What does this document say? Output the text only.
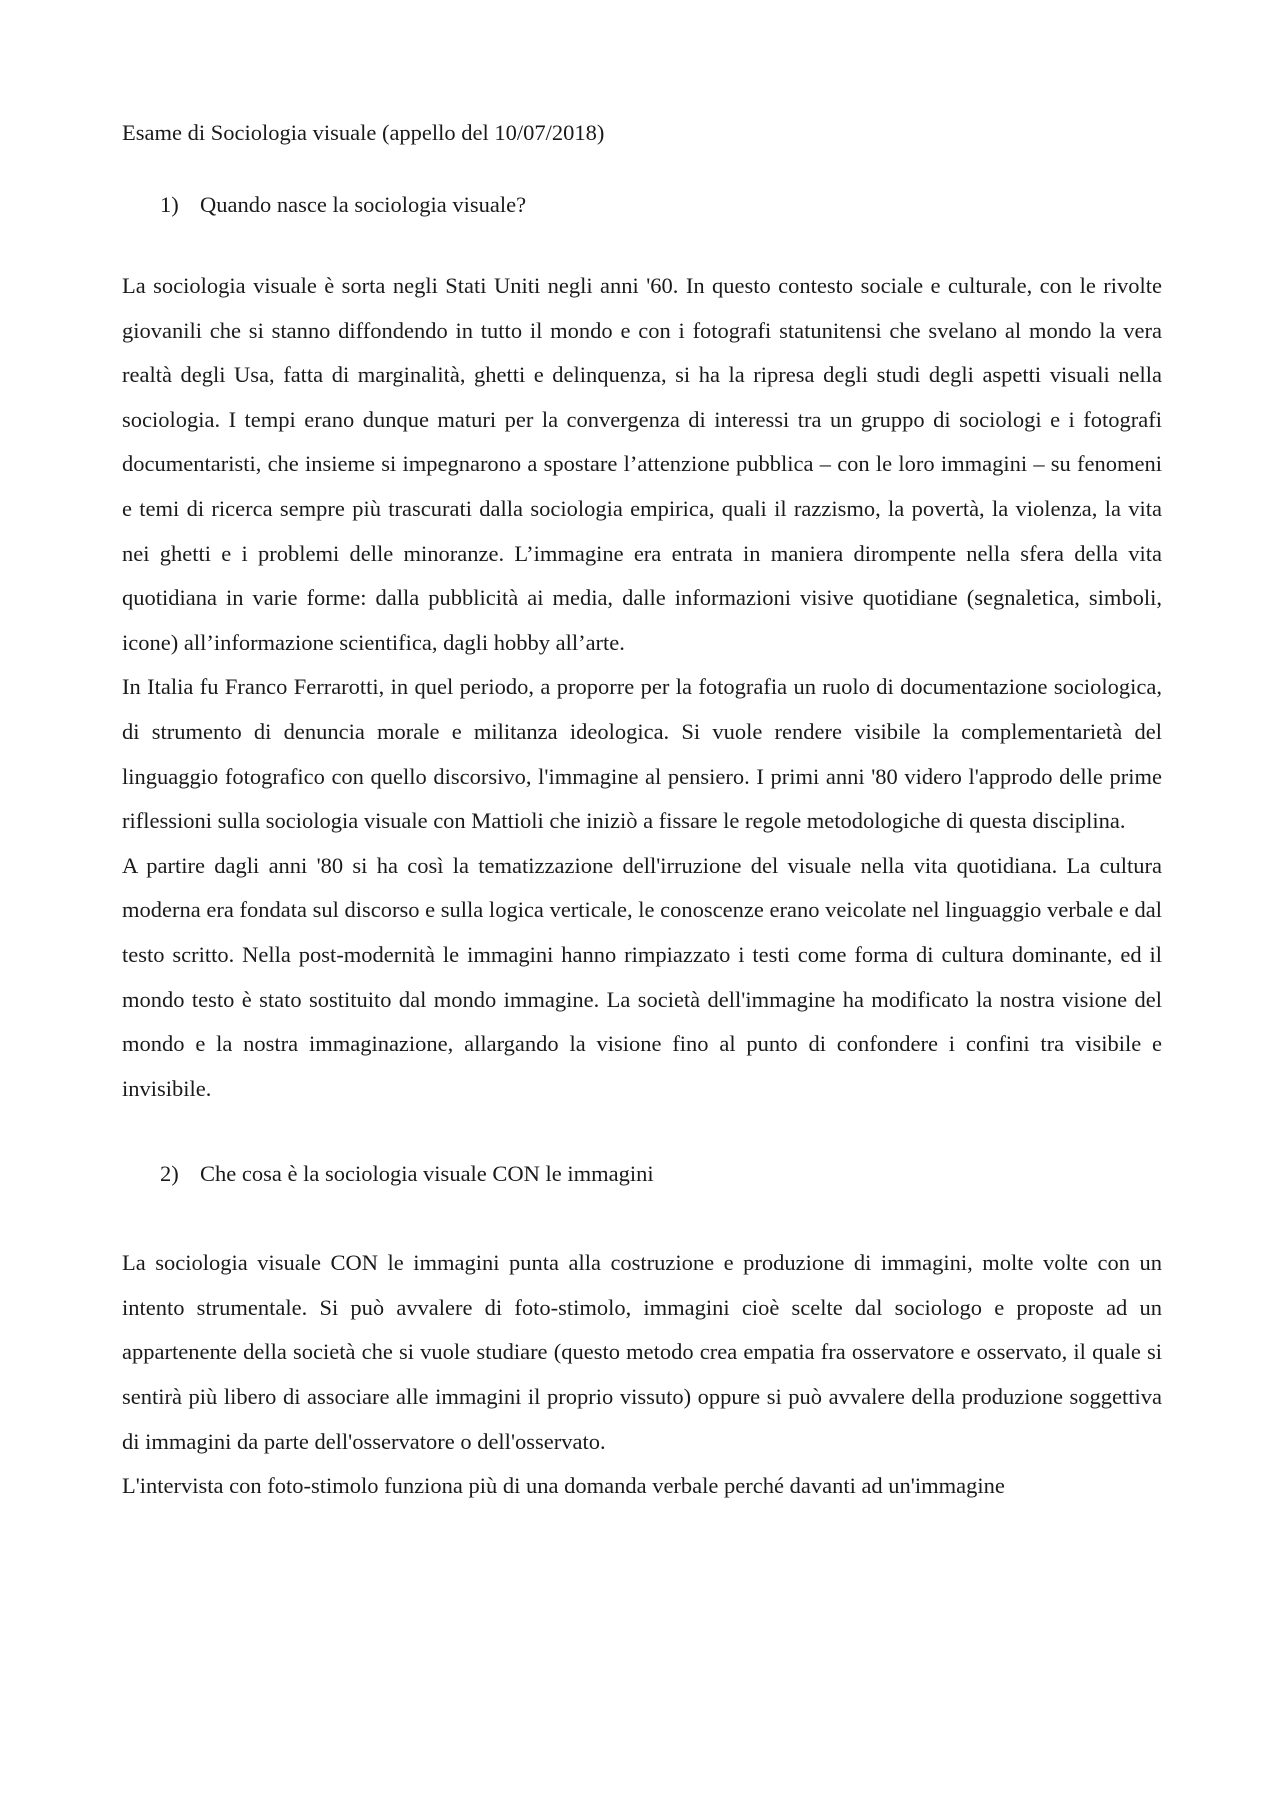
Esame di Sociologia visuale (appello del 10/07/2018)

1) Quando nasce la sociologia visuale?

La sociologia visuale è sorta negli Stati Uniti negli anni '60. In questo contesto sociale e culturale, con le rivolte giovanili che si stanno diffondendo in tutto il mondo e con i fotografi statunitensi che svelano al mondo la vera realtà degli Usa, fatta di marginalità, ghetti e delinquenza, si ha la ripresa degli studi degli aspetti visuali nella sociologia. I tempi erano dunque maturi per la convergenza di interessi tra un gruppo di sociologi e i fotografi documentaristi, che insieme si impegnarono a spostare l’attenzione pubblica – con le loro immagini – su fenomeni e temi di ricerca sempre più trascurati dalla sociologia empirica, quali il razzismo, la povertà, la violenza, la vita nei ghetti e i problemi delle minoranze. L’immagine era entrata in maniera dirompente nella sfera della vita quotidiana in varie forme: dalla pubblicità ai media, dalle informazioni visive quotidiane (segnaletica, simboli, icone) all’informazione scientifica, dagli hobby all’arte.

In Italia fu Franco Ferrarotti, in quel periodo, a proporre per la fotografia un ruolo di documentazione sociologica, di strumento di denuncia morale e militanza ideologica. Si vuole rendere visibile la complementarietà del linguaggio fotografico con quello discorsivo, l'immagine al pensiero. I primi anni '80 videro l'approdo delle prime riflessioni sulla sociologia visuale con Mattioli che iniziò a fissare le regole metodologiche di questa disciplina.

A partire dagli anni '80 si ha così la tematizzazione dell'irruzione del visuale nella vita quotidiana. La cultura moderna era fondata sul discorso e sulla logica verticale, le conoscenze erano veicolate nel linguaggio verbale e dal testo scritto. Nella post-modernità le immagini hanno rimpiazzato i testi come forma di cultura dominante, ed il mondo testo è stato sostituito dal mondo immagine. La società dell'immagine ha modificato la nostra visione del mondo e la nostra immaginazione, allargando la visione fino al punto di confondere i confini tra visibile e invisibile.

2) Che cosa è la sociologia visuale CON le immagini

La sociologia visuale CON le immagini punta alla costruzione e produzione di immagini, molte volte con un intento strumentale. Si può avvalere di foto-stimolo, immagini cioè scelte dal sociologo e proposte ad un appartenente della società che si vuole studiare (questo metodo crea empatia fra osservatore e osservato, il quale si sentirà più libero di associare alle immagini il proprio vissuto) oppure si può avvalere della produzione soggettiva di immagini da parte dell'osservatore o dell'osservato.

L'intervista con foto-stimolo funziona più di una domanda verbale perché davanti ad un'immagine
